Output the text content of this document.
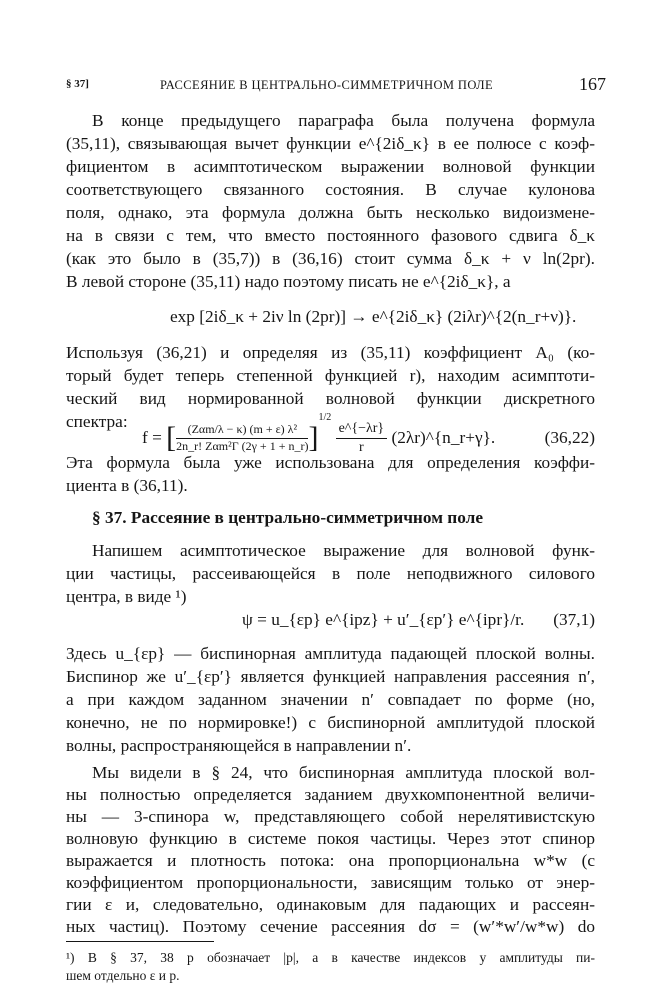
§ 37]	РАССЕЯНИЕ В ЦЕНТРАЛЬНО-СИММЕТРИЧНОМ ПОЛЕ	167
В конце предыдущего параграфа была получена формула
(35,11), связывающая вычет функции e^{2iδ_κ} в ее полюсе с коэф-
фициентом в асимптотическом выражении волновой функции
соответствующего связанного состояния. В случае кулонова
поля, однако, эта формула должна быть несколько видоизмене-
на в связи с тем, что вместо постоянного фазового сдвига δ_κ
(как это было в (35,7)) в (36,16) стоит сумма δ_κ + ν ln(2pr).
В левой стороне (35,11) надо поэтому писать не e^{2iδ_κ}, а
exp [2iδ_κ + 2iν ln (2pr)] → e^{2iδ_κ} (2iλr)^{2(n_r+ν)}.
Используя (36,21) и определяя из (35,11) коэффициент A₀ (ко-
торый будет теперь степенной функцией r), находим асимптоти-
ческий вид нормированной волновой функции дискретного
спектра:
f = [ $\frac{\text{(Zαm/λ − κ) (m + ε) λ²}}{\text{2n\_r! Zαm²Γ (2γ + 1 + n\_r)}} ]^{1/2}$
$\frac{e\^{}\{-\lambda r\}}{r}$ (2λr)^{n_r+γ}.	(36,22)
Эта формула была уже использована для определения коэффи-
циента в (36,11).
§ 37. Рассеяние в центрально-симметричном поле
Напишем асимптотическое выражение для волновой функ-
ции частицы, рассеивающейся в поле неподвижного силового
центра, в виде ¹)
ψ = u_{εp} e^{ipz} + u′_{εp′} e^{ipr}/r. (37,1)
Здесь u_{εp} — биспинорная амплитуда падающей плоской волны.
Биспинор же u′_{εp′} является функцией направления рассеяния n′,
а при каждом заданном значении n′ совпадает по форме (но,
конечно, не по нормировке!) с биспинорной амплитудой плоской
волны, распространяющейся в направлении n′.
Мы видели в § 24, что биспинорная амплитуда плоской вол-
ны полностью определяется заданием двухкомпонентной величи-
ны — 3-спинора w, представляющего собой нерелятивистскую
волновую функцию в системе покоя частицы. Через этот спинор
выражается и плотность потока: она пропорциональна w*w (с
коэффициентом пропорциональности, зависящим только от энер-
гии ε и, следовательно, одинаковым для падающих и рассеян-
ных частиц). Поэтому сечение рассеяния dσ = (w′*w′/w*w) do
¹) В § 37, 38 p обозначает |p|, а в качестве индексов у амплитуды пи-
шем отдельно ε и p.
